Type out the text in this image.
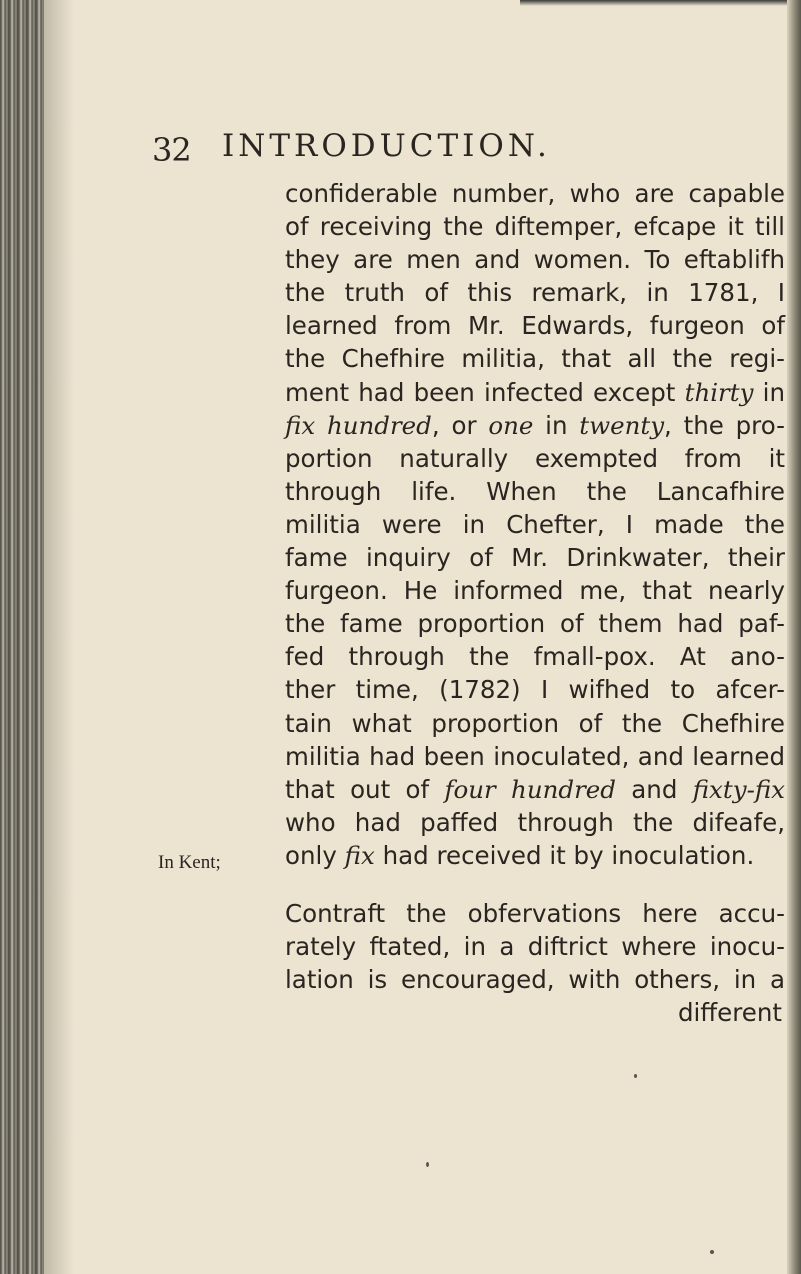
32 INTRODUCTION.
In Kent;
confiderable number, who are capable
of receiving the diftemper, efcape it till
they are men and women. To eftablifh
the truth of this remark, in 1781, I
learned from Mr. Edwards, furgeon of
the Chefhire militia, that all the regi-
ment had been infected except thirty in
fix hundred, or one in twenty, the pro-
portion naturally exempted from it
through life. When the Lancafhire
militia were in Chefter, I made the
fame inquiry of Mr. Drinkwater, their
furgeon. He informed me, that nearly
the fame proportion of them had paf-
fed through the fmall-pox. At ano-
ther time, (1782) I wifhed to afcer-
tain what proportion of the Chefhire
militia had been inoculated, and learned
that out of four hundred and fixty-fix
who had paffed through the difeafe,
only fix had received it by inoculation.
Contraft the obfervations here accu-
rately ftated, in a diftrict where inocu-
lation is encouraged, with others, in a
different
